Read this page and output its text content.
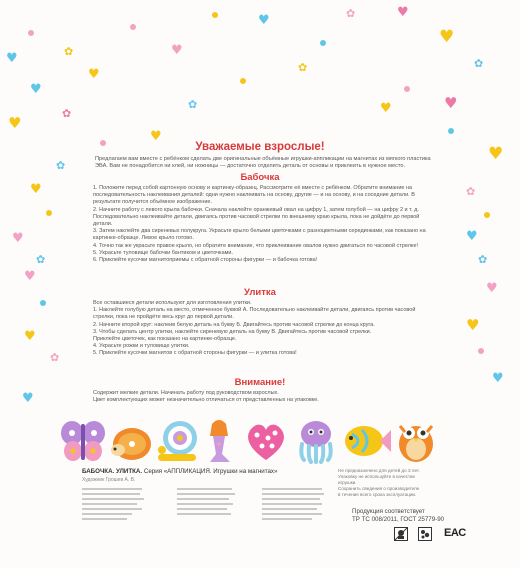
♥
♥
♥
♥
♥
♥
♥
♥
♥	♥
♥
♥
♥
♥
♥
♥
♥
♥
♥
♥
♥
✿
✿
✿
✿	✿
✿
✿
✿	✿
✿
✿
Уважаемые взрослые!
Предлагаем вам вместе с ребёнком сделать две оригинальные объёмные игрушки-аппликации на магнитах из мягкого пластика ЭВА. Вам не понадобится ни клей, ни ножницы — достаточно отделить деталь от основы и приклеить в нужное место.
Бабочка
1. Положите перед собой картонную основу и картинку-образец. Рассмотрите её вместе с ребёнком. Обратите внимание на последовательность наклеивания деталей: одни нужно наклеивать на основу, другие — и на основу, и на соседние детали. В результате получится объёмное изображение.
2. Начните работу с левого крыла бабочки. Сначала наклейте оранжевый овал на цифру 1, затем голубой — на цифру 2 и т. д. Последовательно наклеивайте детали, двигаясь против часовой стрелки по внешнему краю крыла, пока не дойдёте до первой детали.
3. Затем наклейте два сиреневых полукруга. Украсьте крыло белыми цветочками с разноцветными серединками, как показано на картинке-образце. Левое крыло готово.
4. Точно так же украсьте правое крыло, но обратите внимание, что приклеивание овалов нужно двигаться по часовой стрелке!
5. Украсьте туловище бабочки бантиком и цветочками.
6. Приклейте кусочки магнитоприемы с обратной стороны фигурки — и бабочка готова!
Улитка
Все оставшиеся детали используют для изготовления улитки.
1. Наклейте голубую деталь на место, отмеченное буквой А. Последовательно наклеивайте детали, двигаясь против часовой стрелки, пока не пройдёте весь круг до первой детали.
2. Начните второй круг: наклеив белую деталь на букву Б. Двигайтесь против часовой стрелки до конца круга.
3. Чтобы сделать центр улитки, наклейте сиреневую деталь на букву В. Двигайтесь против часовой стрелки.
Приклейте цветочек, как показано на картинке-образце.
4. Украсьте рожки и туловище улитки.
5. Приклейте кусочки магнитов с обратной стороны фигурки — и улитка готова!
Внимание!
Содержит мелкие детали. Начинать работу под руководством взрослых.
Цвет комплектующих может незначительно отличаться от представленных на упаковке.
БАБОЧКА. УЛИТКА. Серия «АППЛИКАЦИЯ. Игрушки на магнитах»
Художник Грошев А. В.
Не предназначено для детей до 3 лет.
Упаковку не используйте в качестве
игрушки.
Сохранить сведения о производителе
в течение всего срока эксплуатации.
Продукция соответствует
ТР ТС 008/2011, ГОСТ 25779-90
EAC
